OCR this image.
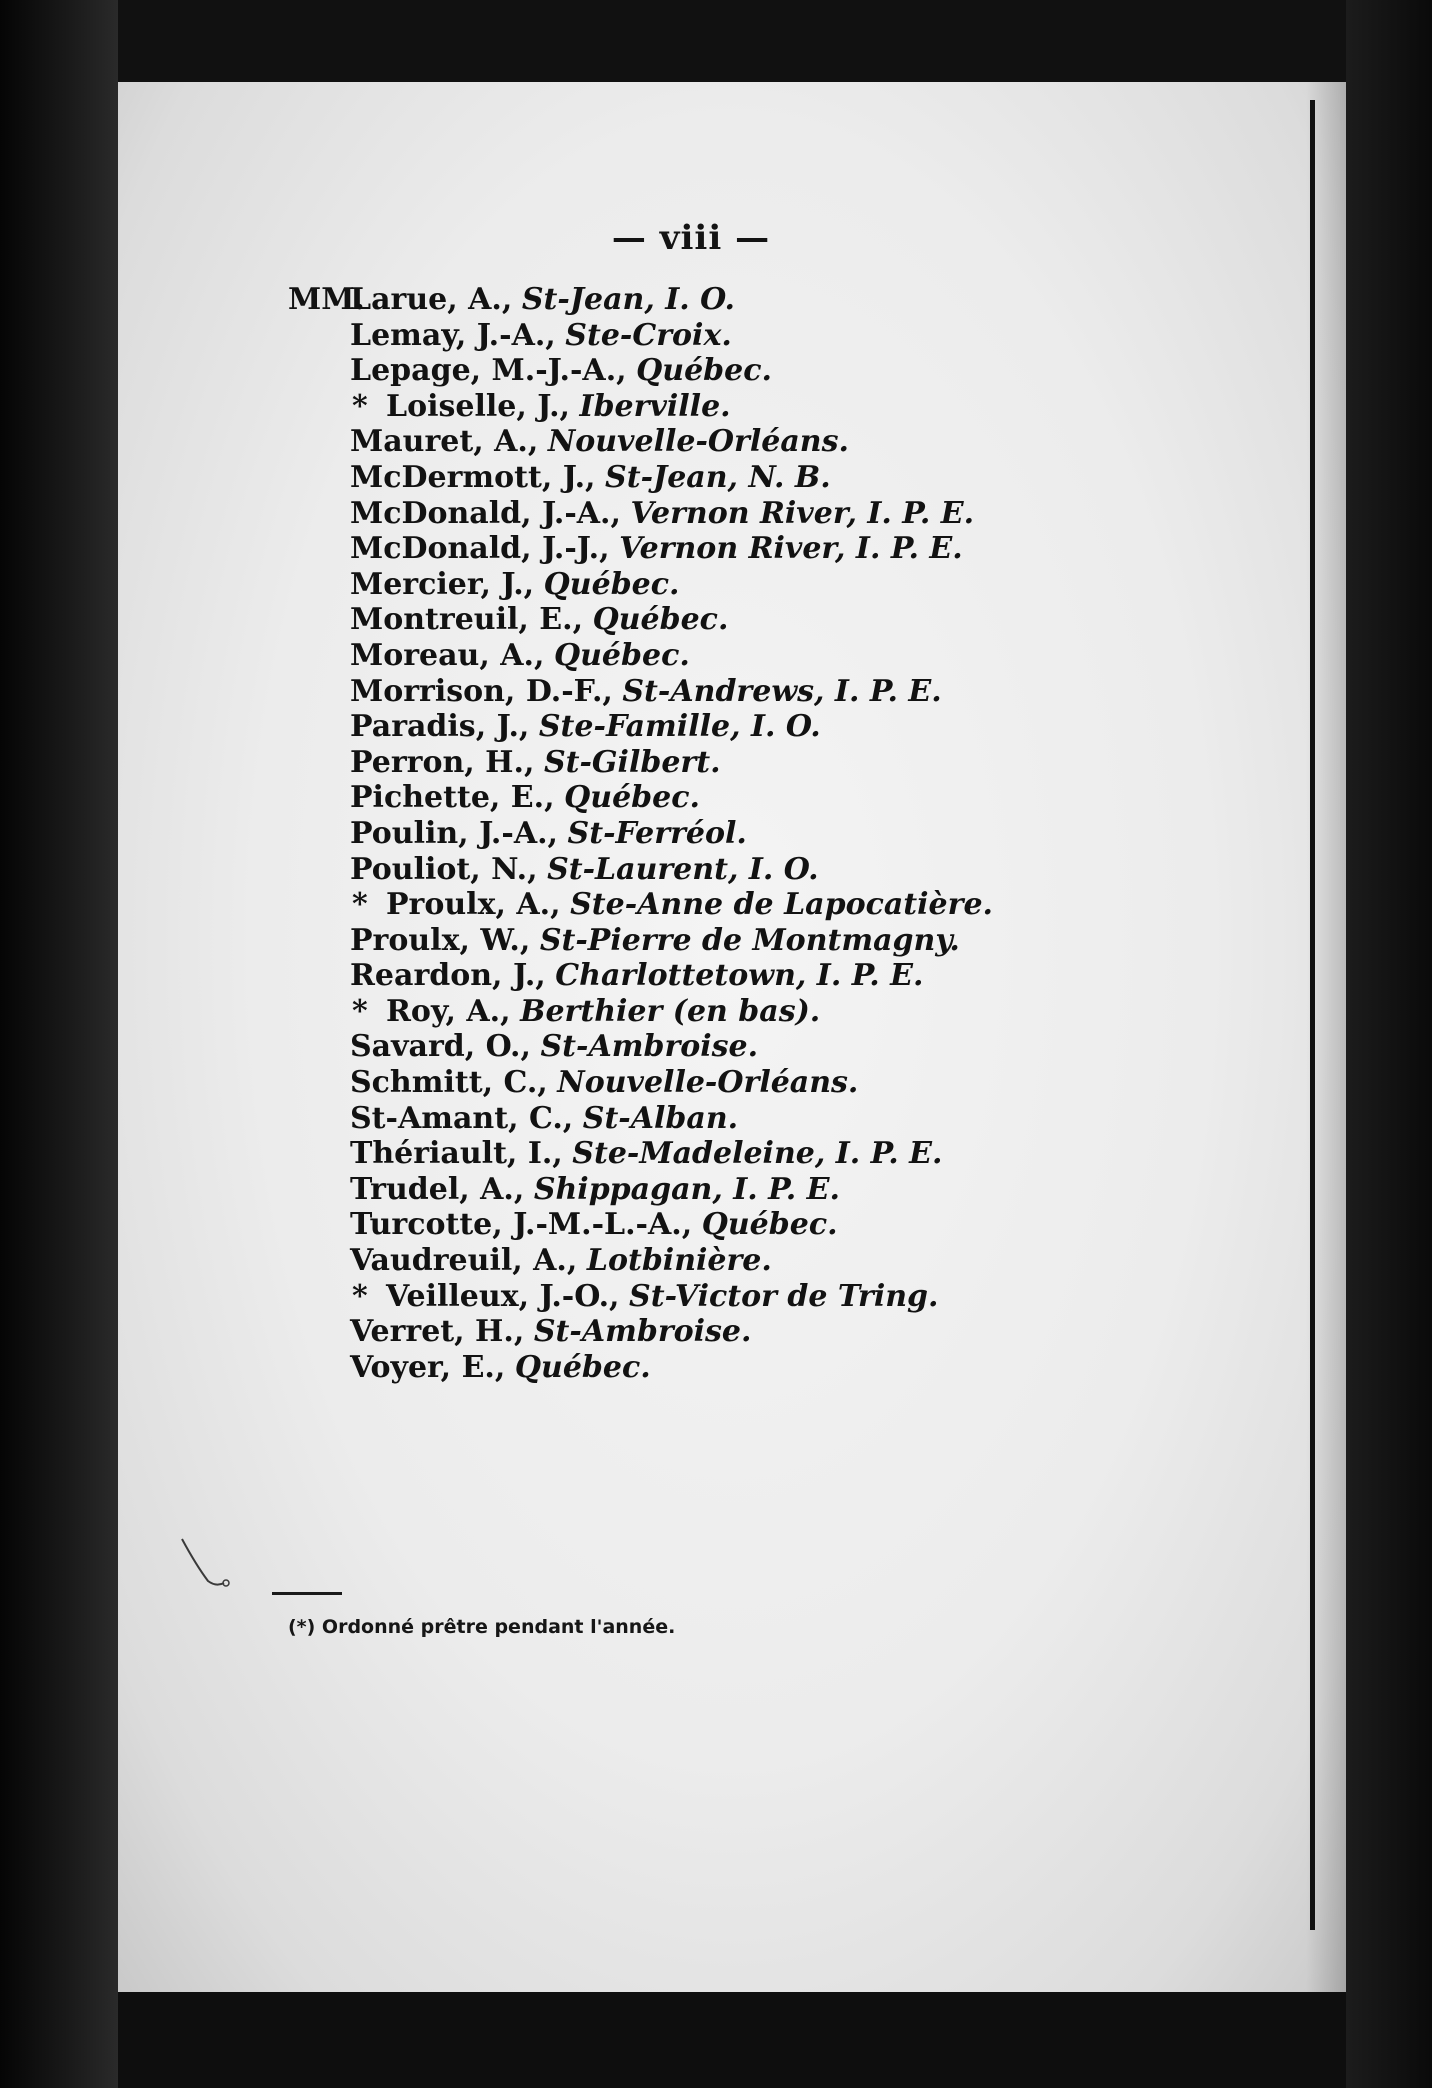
— viii —
MM.Larue, A., St-Jean, I. O.
Lemay, J.-A., Ste-Croix.
Lepage, M.-J.-A., Québec.
* Loiselle, J., Iberville.
Mauret, A., Nouvelle-Orléans.
McDermott, J., St-Jean, N. B.
McDonald, J.-A., Vernon River, I. P. E.
McDonald, J.-J., Vernon River, I. P. E.
Mercier, J., Québec.
Montreuil, E., Québec.
Moreau, A., Québec.
Morrison, D.-F., St-Andrews, I. P. E.
Paradis, J., Ste-Famille, I. O.
Perron, H., St-Gilbert.
Pichette, E., Québec.
Poulin, J.-A., St-Ferréol.
Pouliot, N., St-Laurent, I. O.
* Proulx, A., Ste-Anne de Lapocatière.
Proulx, W., St-Pierre de Montmagny.
Reardon, J., Charlottetown, I. P. E.
* Roy, A., Berthier (en bas).
Savard, O., St-Ambroise.
Schmitt, C., Nouvelle-Orléans.
St-Amant, C., St-Alban.
Thériault, I., Ste-Madeleine, I. P. E.
Trudel, A., Shippagan, I. P. E.
Turcotte, J.-M.-L.-A., Québec.
Vaudreuil, A., Lotbinière.
* Veilleux, J.-O., St-Victor de Tring.
Verret, H., St-Ambroise.
Voyer, E., Québec.
(*) Ordonné prêtre pendant l'année.
